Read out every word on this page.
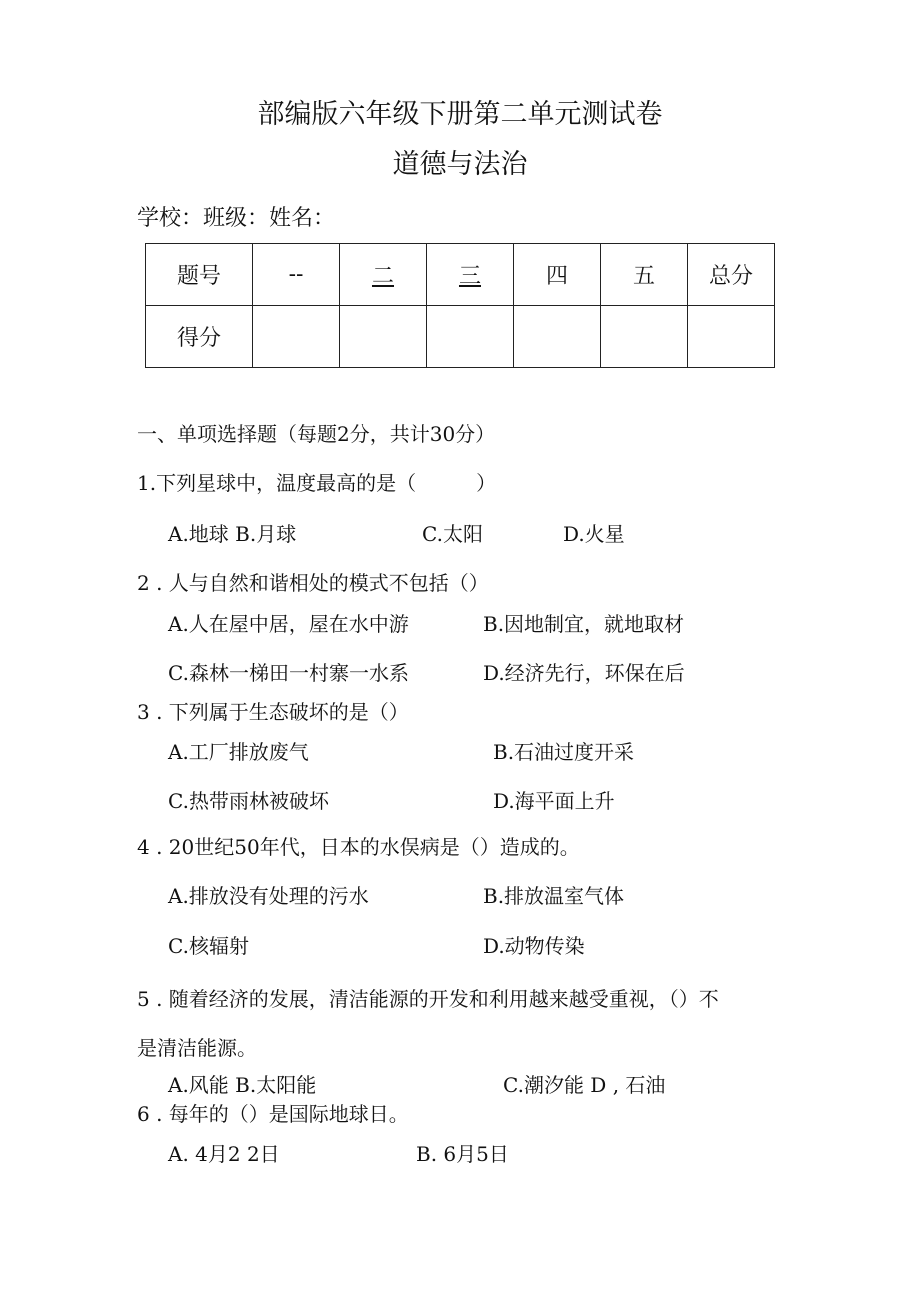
部编版六年级下册第二单元测试卷
道德与法治
学校：班级：姓名：
题号	--	二	三	四	五	总分
得分						
一、单项选择题（每题2分，共计30分）
1.下列星球中，温度最高的是（　　　）
A.地球 B.月球	C.太阳	D.火星
2 . 人与自然和谐相处的模式不包括（）
A.人在屋中居，屋在水中游	B.因地制宜，就地取材
C.森林一梯田一村寨一水系	D.经济先行，环保在后
3 . 下列属于生态破坏的是（）
A.工厂排放废气	B.石油过度开采
C.热带雨林被破坏	D.海平面上升
4 . 20世纪50年代，日本的水俣病是（）造成的。
A.排放没有处理的污水	B.排放温室气体
C.核辐射	D.动物传染
5 . 随着经济的发展，清洁能源的开发和利用越来越受重视，（）不
是清洁能源。
A.风能 B.太阳能	C.潮汐能 D , 石油
6 . 每年的（）是国际地球日。
A. 4月2 2日	B. 6月5日
